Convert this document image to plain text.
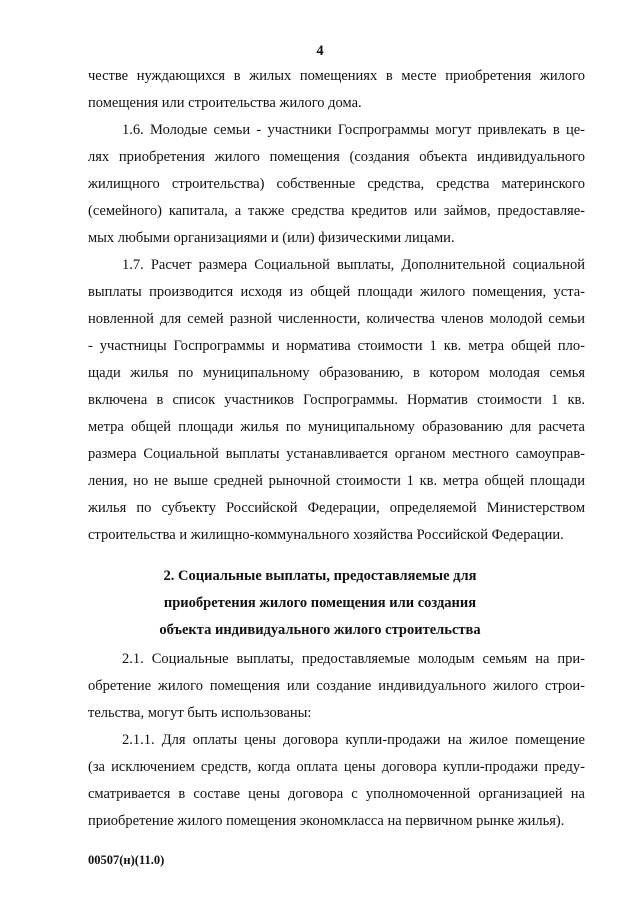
4
честве нуждающихся в жилых помещениях в месте приобретения жилого
помещения или строительства жилого дома.
1.6. Молодые семьи - участники Госпрограммы могут привлекать в це-
лях приобретения жилого помещения (создания объекта индивидуального
жилищного строительства) собственные средства, средства материнского
(семейного) капитала, а также средства кредитов или займов, предоставляе-
мых любыми организациями и (или) физическими лицами.
1.7. Расчет размера Социальной выплаты, Дополнительной социальной
выплаты производится исходя из общей площади жилого помещения, уста-
новленной для семей разной численности, количества членов молодой семьи
- участницы Госпрограммы и норматива стоимости 1 кв. метра общей пло-
щади жилья по муниципальному образованию, в котором молодая семья
включена в список участников Госпрограммы. Норматив стоимости 1 кв.
метра общей площади жилья по муниципальному образованию для расчета
размера Социальной выплаты устанавливается органом местного самоуправ-
ления, но не выше средней рыночной стоимости 1 кв. метра общей площади
жилья по субъекту Российской Федерации, определяемой Министерством
строительства и жилищно-коммунального хозяйства Российской Федерации.
2. Социальные выплаты, предоставляемые для
приобретения жилого помещения или создания
объекта индивидуального жилого строительства
2.1. Социальные выплаты, предоставляемые молодым семьям на при-
обретение жилого помещения или создание индивидуального жилого строи-
тельства, могут быть использованы:
2.1.1. Для оплаты цены договора купли-продажи на жилое помещение
(за исключением средств, когда оплата цены договора купли-продажи преду-
сматривается в составе цены договора с уполномоченной организацией на
приобретение жилого помещения экономкласса на первичном рынке жилья).
00507(н)(11.0)
